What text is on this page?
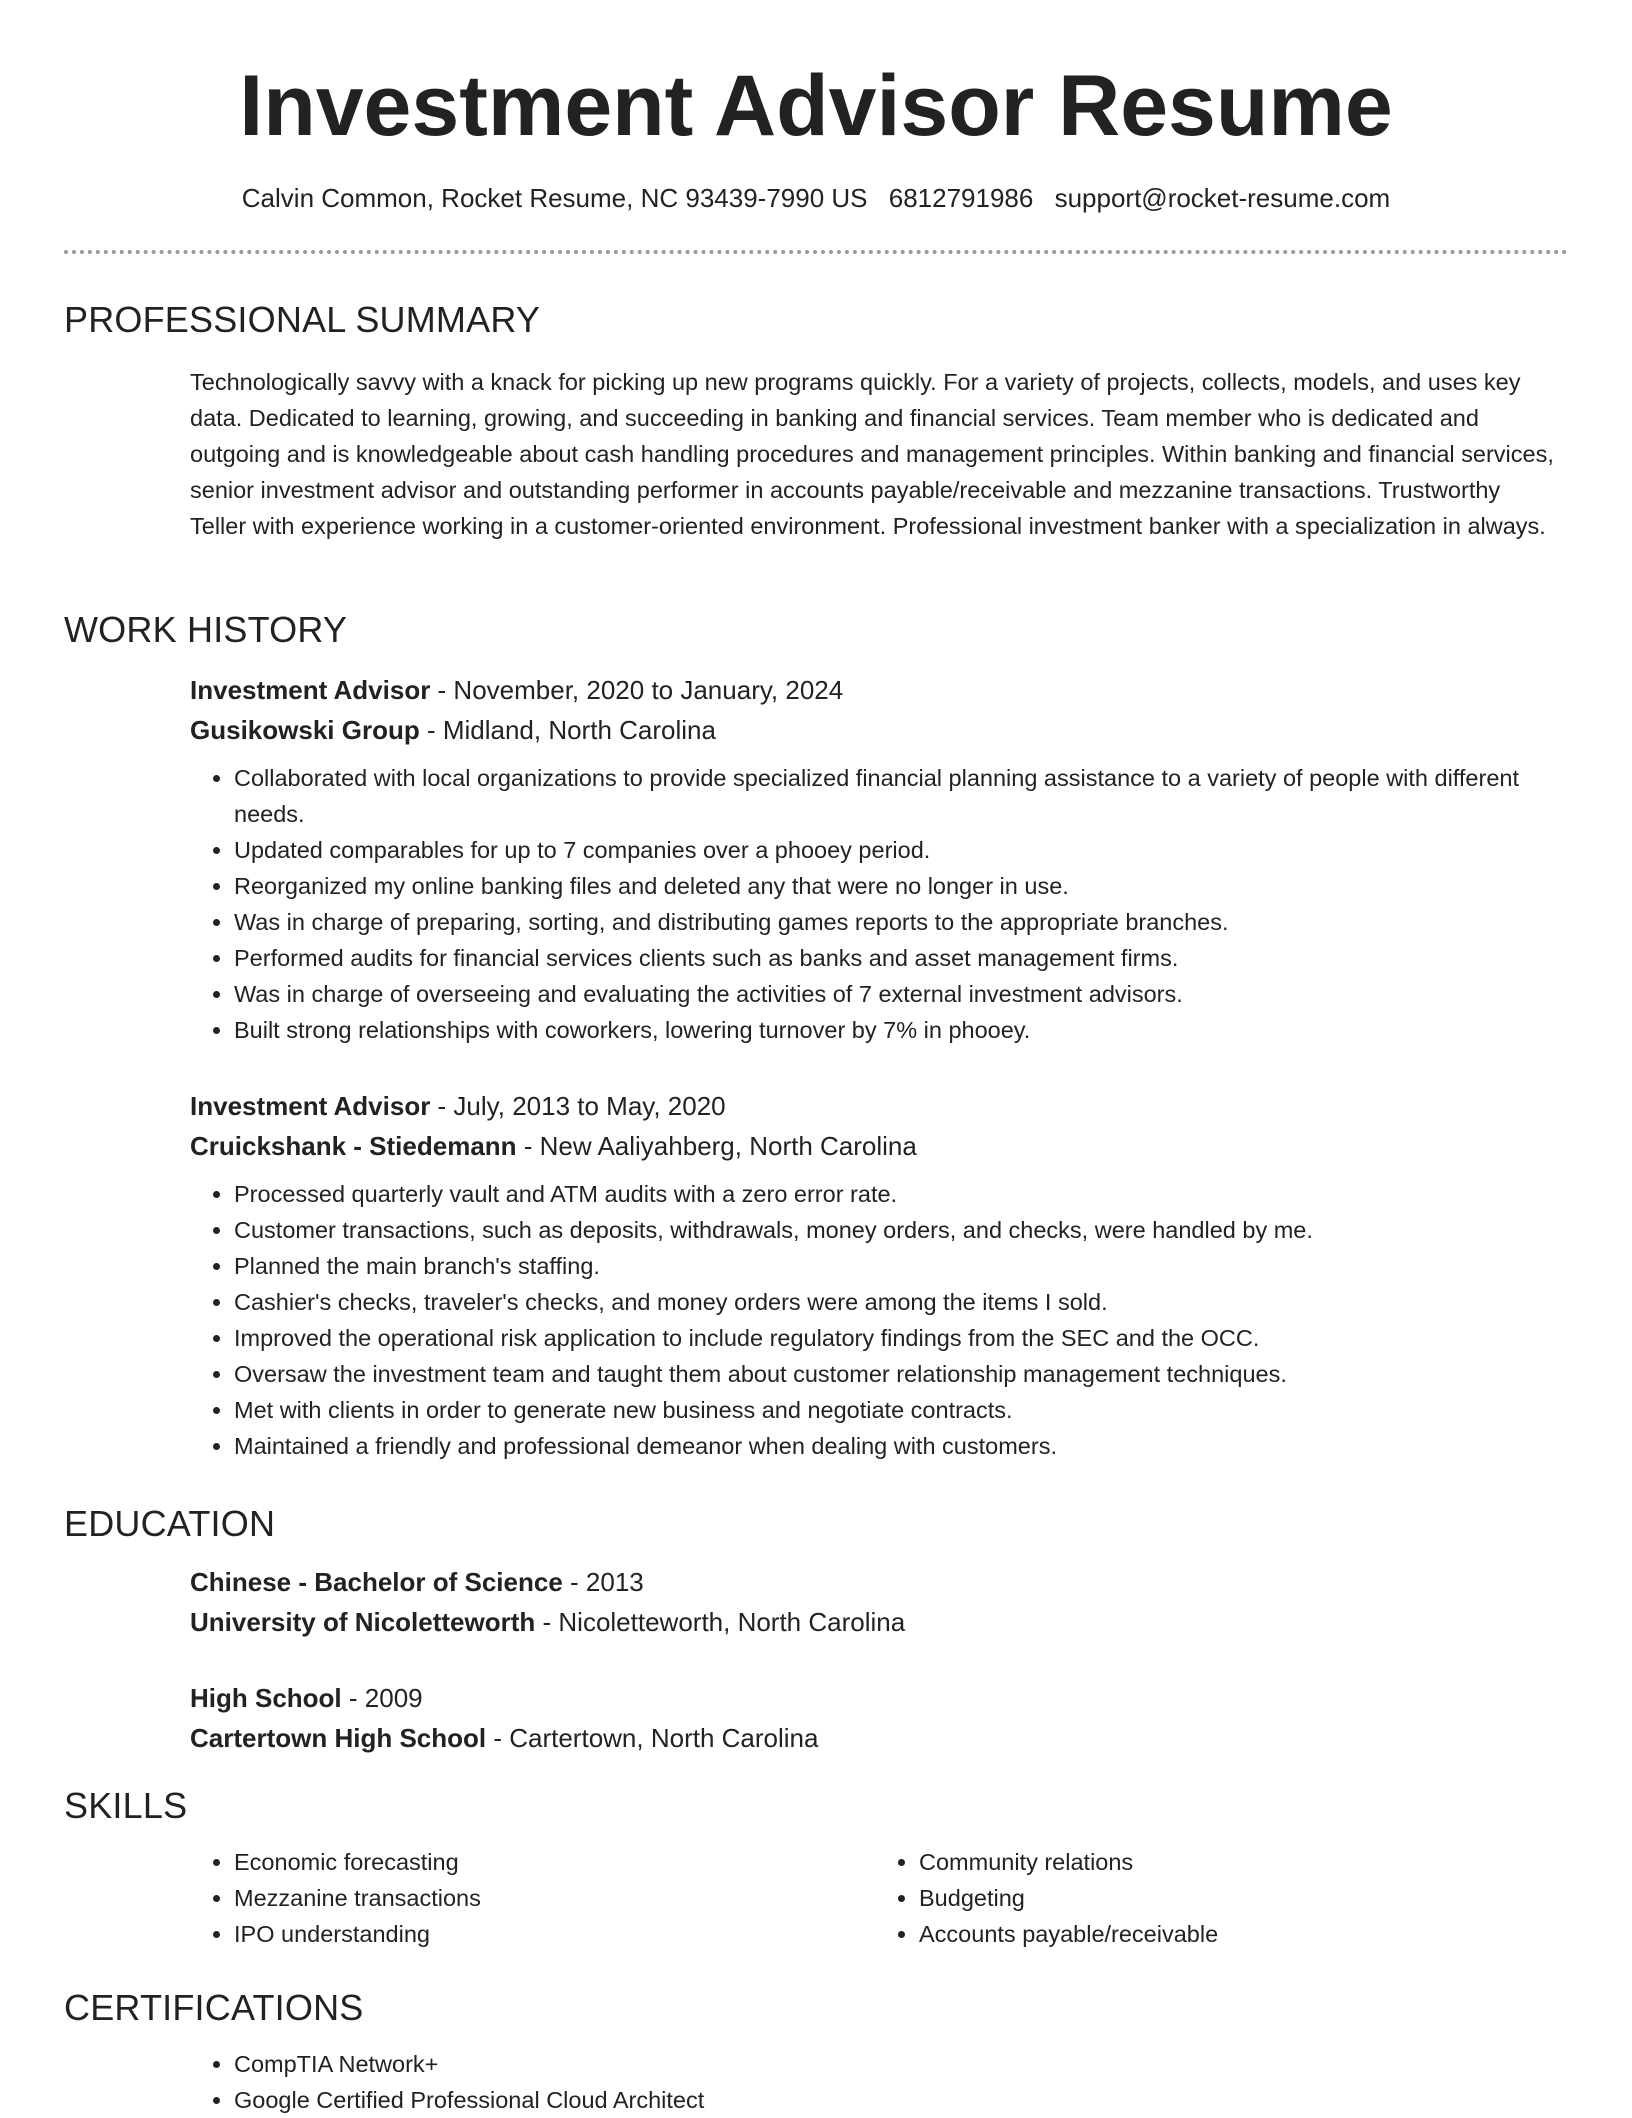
Investment Advisor Resume
Calvin Common, Rocket Resume, NC 93439-7990 US 6812791986 support@rocket-resume.com
PROFESSIONAL SUMMARY

Technologically savvy with a knack for picking up new programs quickly. For a variety of projects, collects, models, and uses key data. Dedicated to learning, growing, and succeeding in banking and financial services. Team member who is dedicated and outgoing and is knowledgeable about cash handling procedures and management principles. Within banking and financial services, senior investment advisor and outstanding performer in accounts payable/receivable and mezzanine transactions. Trustworthy Teller with experience working in a customer-oriented environment. Professional investment banker with a specialization in always.

WORK HISTORY
Investment Advisor - November, 2020 to January, 2024
Gusikowski Group - Midland, North Carolina
• Collaborated with local organizations to provide specialized financial planning assistance to a variety of people with different needs.
• Updated comparables for up to 7 companies over a phooey period.
• Reorganized my online banking files and deleted any that were no longer in use.
• Was in charge of preparing, sorting, and distributing games reports to the appropriate branches.
• Performed audits for financial services clients such as banks and asset management firms.
• Was in charge of overseeing and evaluating the activities of 7 external investment advisors.
• Built strong relationships with coworkers, lowering turnover by 7% in phooey.
Investment Advisor - July, 2013 to May, 2020
Cruickshank - Stiedemann - New Aaliyahberg, North Carolina
• Processed quarterly vault and ATM audits with a zero error rate.
• Customer transactions, such as deposits, withdrawals, money orders, and checks, were handled by me.
• Planned the main branch's staffing.
• Cashier's checks, traveler's checks, and money orders were among the items I sold.
• Improved the operational risk application to include regulatory findings from the SEC and the OCC.
• Oversaw the investment team and taught them about customer relationship management techniques.
• Met with clients in order to generate new business and negotiate contracts.
• Maintained a friendly and professional demeanor when dealing with customers.
EDUCATION
Chinese - Bachelor of Science - 2013
University of Nicoletteworth - Nicoletteworth, North Carolina
High School - 2009
Cartertown High School - Cartertown, North Carolina
SKILLS
• Economic forecasting
• Mezzanine transactions
• IPO understanding
• Community relations
• Budgeting
• Accounts payable/receivable
CERTIFICATIONS
• CompTIA Network+
• Google Certified Professional Cloud Architect
